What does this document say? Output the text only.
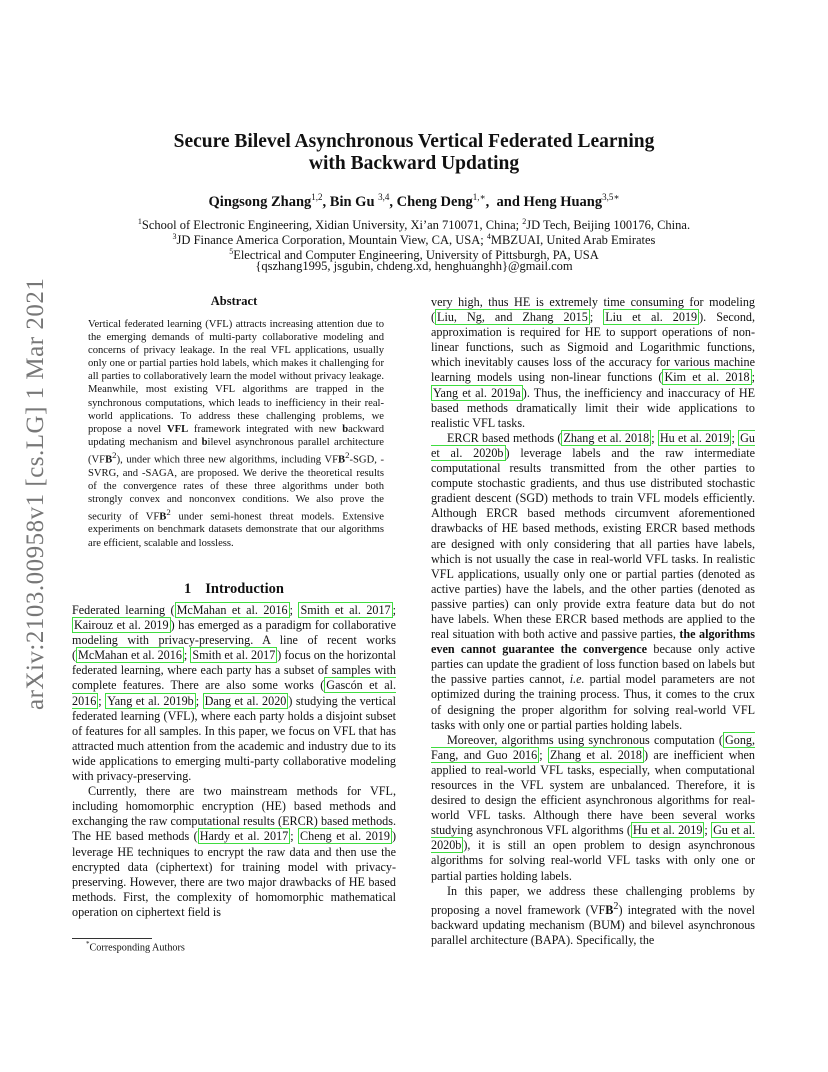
arXiv:2103.00958v1 [cs.LG] 1 Mar 2021
Secure Bilevel Asynchronous Vertical Federated Learning
with Backward Updating
Qingsong Zhang$^{1,2}$, Bin Gu $^{3,4}$, Cheng Deng$^{1,∗}$,  and Heng Huang$^{3,5∗}$
$^1$School of Electronic Engineering, Xidian University, Xi’an 710071, China; $^2$JD Tech, Beijing 100176, China.
$^3$JD Finance America Corporation, Mountain View, CA, USA; $^4$MBZUAI, United Arab Emirates
$^5$Electrical and Computer Engineering, University of Pittsburgh, PA, USA
{qszhang1995, jsgubin, chdeng.xd, henghuanghh}@gmail.com
Abstract
Vertical federated learning (VFL) attracts increasing attention due to the emerging demands of multi-party collaborative modeling and concerns of privacy leakage. In the real VFL applications, usually only one or partial parties hold labels, which makes it challenging for all parties to collaboratively learn the model without privacy leakage. Meanwhile, most existing VFL algorithms are trapped in the synchronous computations, which leads to inefficiency in their real-world applications. To address these challenging problems, we propose a novel VFL framework integrated with new backward updating mechanism and bilevel asynchronous parallel architecture (VFB$^2$), under which three new algorithms, including VFB$^2$-SGD, -SVRG, and -SAGA, are proposed. We derive the theoretical results of the convergence rates of these three algorithms under both strongly convex and nonconvex conditions. We also prove the security of VFB$^2$ under semi-honest threat models. Extensive experiments on benchmark datasets demonstrate that our algorithms are efficient, scalable and lossless.
1 Introduction

Federated learning ( McMahan et al. 2016 ; Smith et al. 2017 ; Kairouz et al. 2019 ) has emerged as a paradigm for collaborative modeling with privacy-preserving. A line of recent works ( McMahan et al. 2016 ; Smith et al. 2017 ) focus on the horizontal federated learning, where each party has a subset of samples with complete features. There are also some works ( Gascón et al. 2016 ; Yang et al. 2019b ; Dang et al. 2020 ) studying the vertical federated learning (VFL), where each party holds a disjoint subset of features for all samples. In this paper, we focus on VFL that has attracted much attention from the academic and industry due to its wide applications to emerging multi-party collaborative modeling with privacy-preserving.

Currently, there are two mainstream methods for VFL, including homomorphic encryption (HE) based methods and exchanging the raw computational results (ERCR) based methods. The HE based methods ( Hardy et al. 2017 ; Cheng et al. 2019 ) leverage HE techniques to encrypt the raw data and then use the encrypted data (ciphertext) for training model with privacy-preserving. However, there are two major drawbacks of HE based methods. First, the complexity of homomorphic mathematical operation on ciphertext field is

very high, thus HE is extremely time consuming for modeling ( Liu, Ng, and Zhang 2015 ; Liu et al. 2019 ). Second, approximation is required for HE to support operations of non-linear functions, such as Sigmoid and Logarithmic functions, which inevitably causes loss of the accuracy for various machine learning models using non-linear functions ( Kim et al. 2018 ; Yang et al. 2019a ). Thus, the inefficiency and inaccuracy of HE based methods dramatically limit their wide applications to realistic VFL tasks.

ERCR based methods ( Zhang et al. 2018 ; Hu et al. 2019 ; Gu et al. 2020b ) leverage labels and the raw intermediate computational results transmitted from the other parties to compute stochastic gradients, and thus use distributed stochastic gradient descent (SGD) methods to train VFL models efficiently. Although ERCR based methods circumvent aforementioned drawbacks of HE based methods, existing ERCR based methods are designed with only considering that all parties have labels, which is not usually the case in real-world VFL tasks. In realistic VFL applications, usually only one or partial parties (denoted as active parties) have the labels, and the other parties (denoted as passive parties) can only provide extra feature data but do not have labels. When these ERCR based methods are applied to the real situation with both active and passive parties, the algorithms even cannot guarantee the convergence because only active parties can update the gradient of loss function based on labels but the passive parties cannot, i.e. partial model parameters are not optimized during the training process. Thus, it comes to the crux of designing the proper algorithm for solving real-world VFL tasks with only one or partial parties holding labels.

Moreover, algorithms using synchronous computation ( Gong, Fang, and Guo 2016 ; Zhang et al. 2018 ) are inefficient when applied to real-world VFL tasks, especially, when computational resources in the VFL system are unbalanced. Therefore, it is desired to design the efficient asynchronous algorithms for real-world VFL tasks. Although there have been several works studying asynchronous VFL algorithms ( Hu et al. 2019 ; Gu et al. 2020b ), it is still an open problem to design asynchronous algorithms for solving real-world VFL tasks with only one or partial parties holding labels.

In this paper, we address these challenging problems by proposing a novel framework (VFB$^2$) integrated with the novel backward updating mechanism (BUM) and bilevel asynchronous parallel architecture (BAPA). Specifically, the

*Corresponding Authors
